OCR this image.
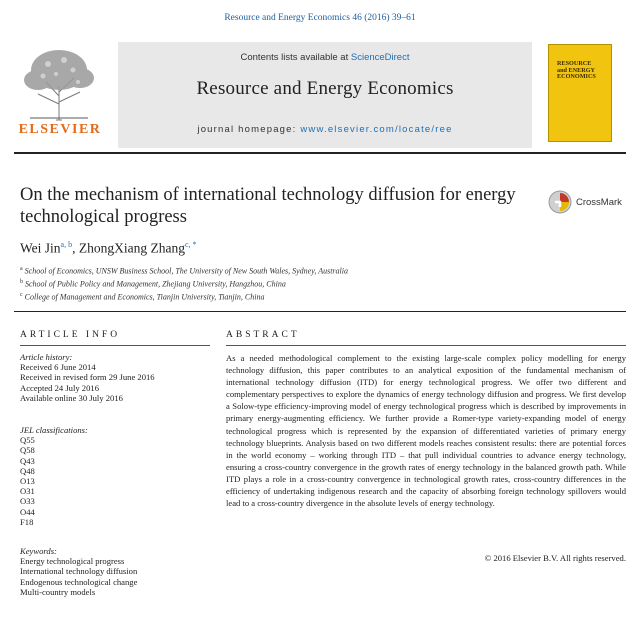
Resource and Energy Economics 46 (2016) 39–61
ELSEVIER
Contents lists available at ScienceDirect
Resource and Energy Economics
journal homepage: www.elsevier.com/locate/ree
RESOURCE
and ENERGY
ECONOMICS
On the mechanism of international technology diffusion for energy technological progress
CrossMark
Wei Jin$^{a, b}$, ZhongXiang Zhang$^{c, *}$
$^a$ School of Economics, UNSW Business School, The University of New South Wales, Sydney, Australia
$^b$ School of Public Policy and Management, Zhejiang University, Hangzhou, China
$^c$ College of Management and Economics, Tianjin University, Tianjin, China
ARTICLE INFO
Article history:
Received 6 June 2014
Received in revised form 29 June 2016
Accepted 24 July 2016
Available online 30 July 2016
JEL classifications:
Q55
Q58
Q43
Q48
O13
O31
O33
O44
F18
Keywords:
Energy technological progress
International technology diffusion
Endogenous technological change
Multi-country models
ABSTRACT
As a needed methodological complement to the existing large-scale complex policy modelling for energy technology diffusion, this paper contributes to an analytical exposition of the fundamental mechanism of international technology diffusion (ITD) for energy technological progress. We offer two different and complementary perspectives to explore the dynamics of energy technology diffusion and progress. We first develop a Solow-type efficiency-improving model of energy technological progress which is described by improvements in primary energy-augmenting efficiency. We further provide a Romer-type variety-expanding model of energy technological progress which is represented by the expansion of differentiated varieties of primary energy technology blueprints. Analysis based on two different models reaches consistent results: there are potential forces in the world economy – working through ITD – that pull individual countries to advance energy technology, ensuring a cross-country convergence in the growth rates of energy technology in the balanced growth path. While ITD plays a role in a cross-country convergence in technological growth rates, cross-country differences in the efficiency of undertaking indigenous research and the capacity of absorbing foreign technology spillovers would lead to a cross-country divergence in the absolute levels of energy technology.
© 2016 Elsevier B.V. All rights reserved.
